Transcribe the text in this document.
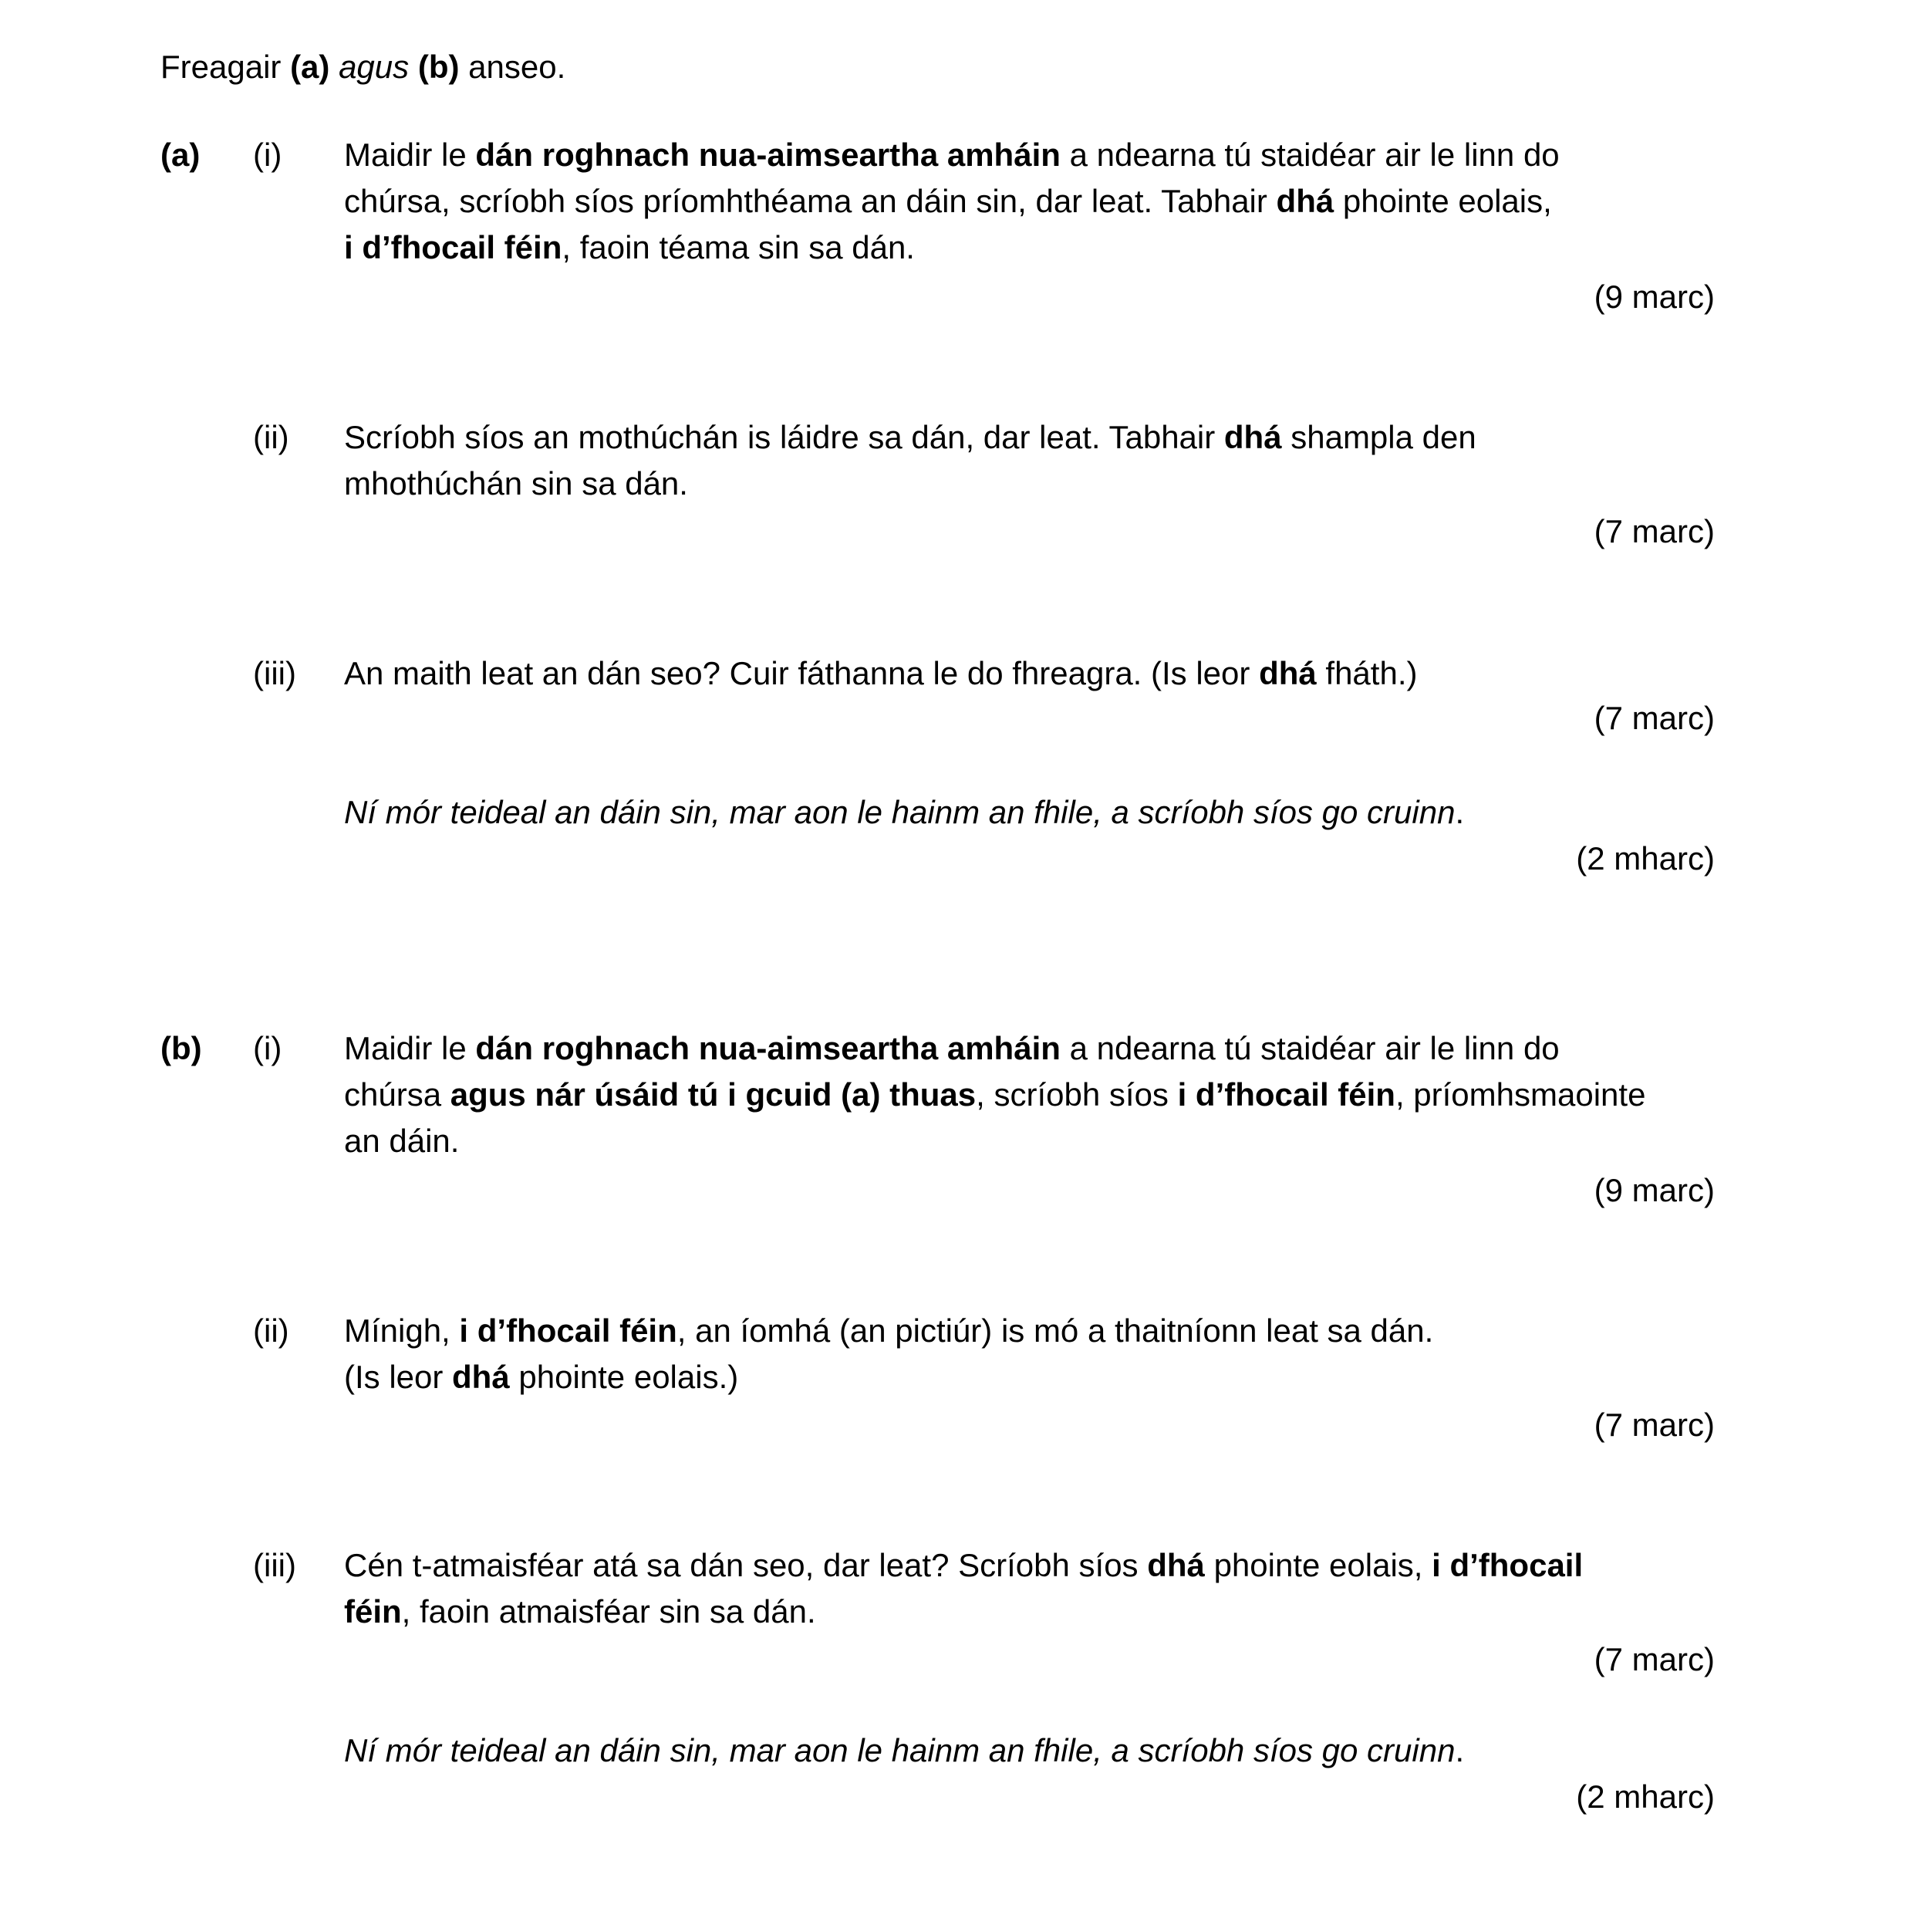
Freagair (a) agus (b) anseo.
(a) (i) Maidir le dán roghnach nua-aimseartha amháin a ndearna tú staidéar air le linn do
chúrsa, scríobh síos príomhthéama an dáin sin, dar leat. Tabhair dhá phointe eolais,
i d’fhocail féin, faoin téama sin sa dán.
(9 marc)
(ii) Scríobh síos an mothúchán is láidre sa dán, dar leat. Tabhair dhá shampla den
mhothúchán sin sa dán.
(7 marc)
(iii) An maith leat an dán seo? Cuir fáthanna le do fhreagra. (Is leor dhá fháth.)
(7 marc)
Ní mór teideal an dáin sin, mar aon le hainm an fhile, a scríobh síos go cruinn.
(2 mharc)
(b) (i) Maidir le dán roghnach nua-aimseartha amháin a ndearna tú staidéar air le linn do
chúrsa agus nár úsáid tú i gcuid (a) thuas, scríobh síos i d’fhocail féin, príomhsmaointe
an dáin.
(9 marc)
(ii) Mínigh, i d’fhocail féin, an íomhá (an pictiúr) is mó a thaitníonn leat sa dán.
(Is leor dhá phointe eolais.)
(7 marc)
(iii) Cén t-atmaisféar atá sa dán seo, dar leat? Scríobh síos dhá phointe eolais, i d’fhocail
féin, faoin atmaisféar sin sa dán.
(7 marc)
Ní mór teideal an dáin sin, mar aon le hainm an fhile, a scríobh síos go cruinn.
(2 mharc)
